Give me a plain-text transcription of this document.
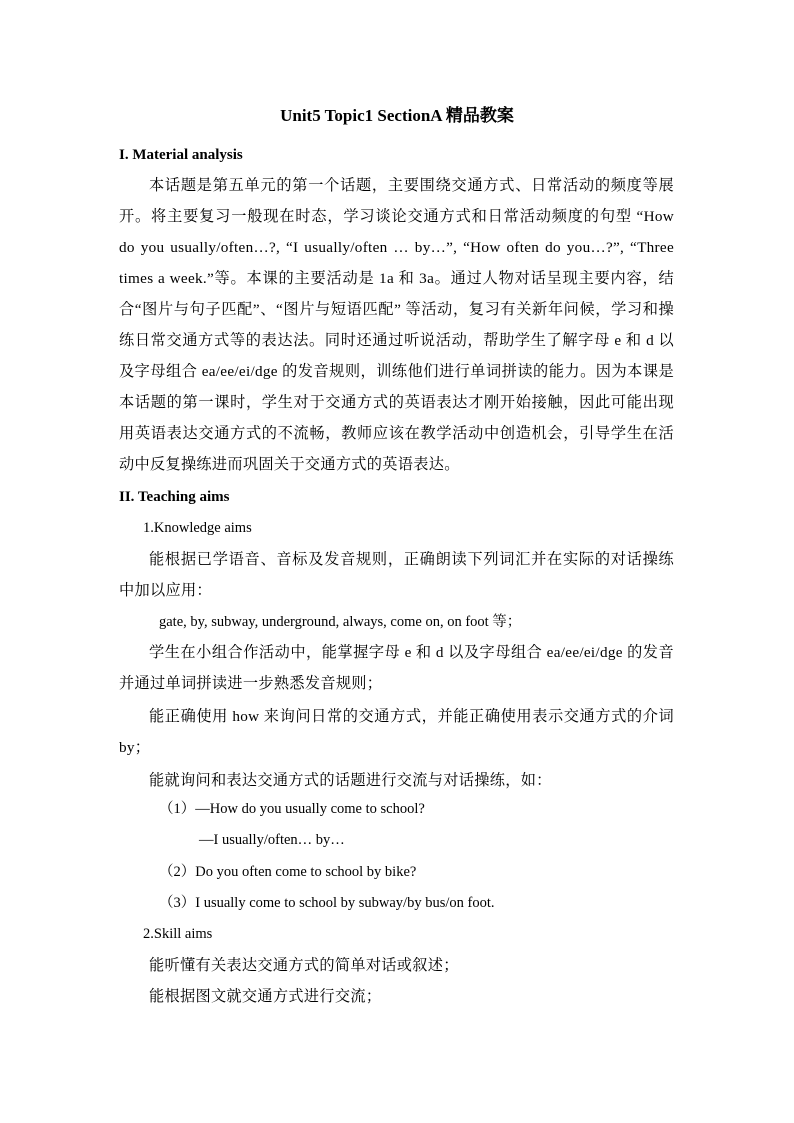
Unit5 Topic1 SectionA 精品教案
I. Material analysis

本话题是第五单元的第一个话题，主要围绕交通方式、日常活动的频度等展开。将主要复习一般现在时态，学习谈论交通方式和日常活动频度的句型 “How do you usually/often…?, “I usually/often … by…”, “How often do you…?”, “Three times a week.”等。本课的主要活动是 1a 和 3a。通过人物对话呈现主要内容，结合“图片与句子匹配”、“图片与短语匹配” 等活动，复习有关新年问候，学习和操练日常交通方式等的表达法。同时还通过听说活动，帮助学生了解字母 e 和 d 以及字母组合 ea/ee/ei/dge 的发音规则，训练他们进行单词拼读的能力。因为本课是本话题的第一课时，学生对于交通方式的英语表达才刚开始接触，因此可能出现用英语表达交通方式的不流畅，教师应该在教学活动中创造机会，引导学生在活动中反复操练进而巩固关于交通方式的英语表达。

II. Teaching aims
1.Knowledge aims

能根据已学语音、音标及发音规则，正确朗读下列词汇并在实际的对话操练中加以应用：

gate, by, subway, underground, always, come on, on foot 等；

学生在小组合作活动中，能掌握字母 e 和 d 以及字母组合 ea/ee/ei/dge 的发音并通过单词拼读进一步熟悉发音规则；

能正确使用 how 来询问日常的交通方式，并能正确使用表示交通方式的介词 by；

能就询问和表达交通方式的话题进行交流与对话操练，如：

（1）—How do you usually come to school?
—I usually/often… by…
（2）Do you often come to school by bike?
（3）I usually come to school by subway/by bus/on foot.
2.Skill aims

能听懂有关表达交通方式的简单对话或叙述；

能根据图文就交通方式进行交流；
